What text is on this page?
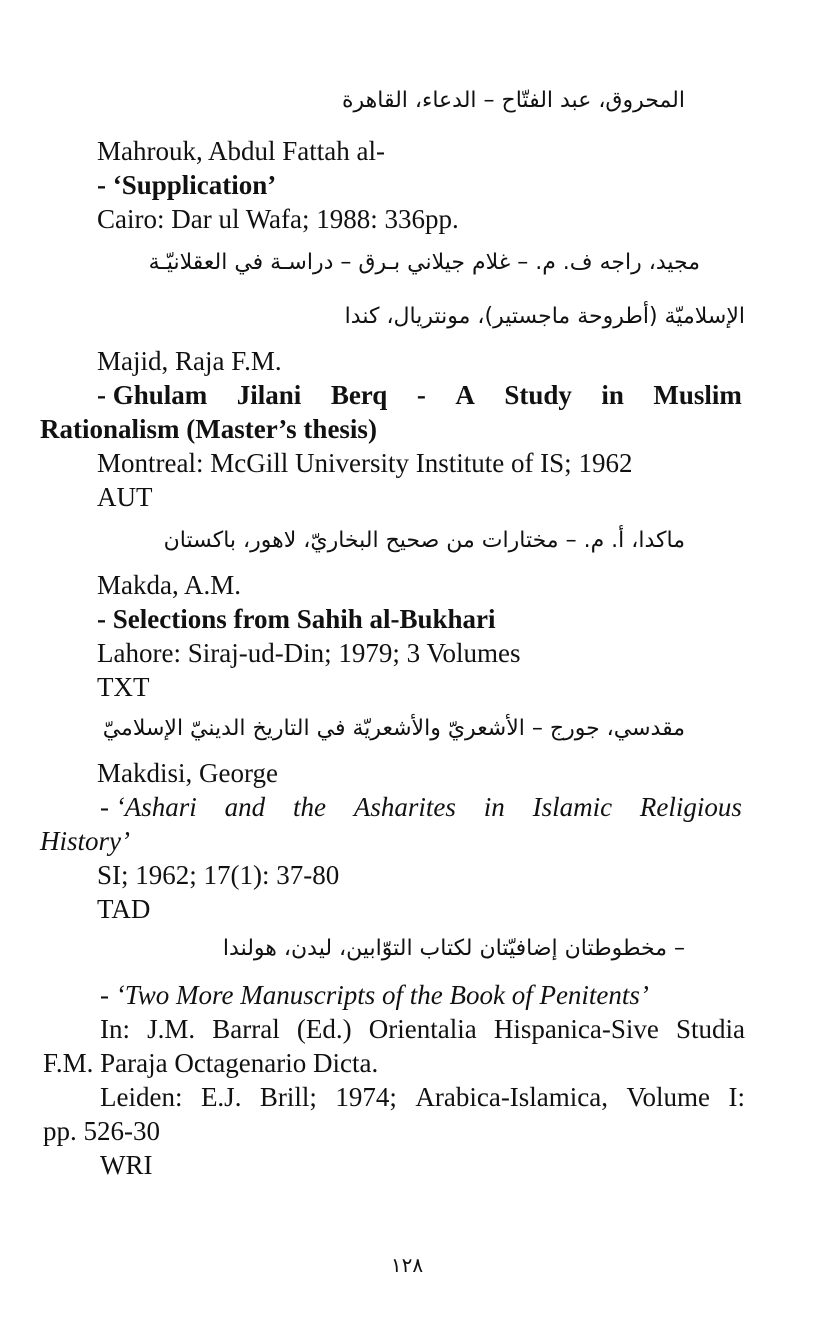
المحروق، عبد الفتّاح – الدعاء، القاهرة
Mahrouk, Abdul Fattah al-
- ‘Supplication’
Cairo: Dar ul Wafa; 1988: 336pp.
مجيد، راجه ف. م. – غلام جيلاني بـرق – دراسـة في العقلانيّـة
الإسلاميّة (أطروحة ماجستير)، مونتريال، كندا
Majid, Raja F.M.
- Ghulam Jilani Berq - A Study in Muslim
Rationalism (Master’s thesis)
Montreal: McGill University Institute of IS; 1962
AUT
ماكدا، أ. م. – مختارات من صحيح البخاريّ، لاهور، باكستان
Makda, A.M.
- Selections from Sahih al-Bukhari
Lahore: Siraj-ud-Din; 1979; 3 Volumes
TXT
مقدسي، جورج – الأشعريّ والأشعريّة في التاريخ الدينيّ الإسلاميّ
Makdisi, George
- ‘Ashari and the Asharites in Islamic Religious
History’
SI; 1962; 17(1): 37-80
TAD
– مخطوطتان إضافيّتان لكتاب التوّابين، ليدن، هولندا
- ‘Two More Manuscripts of the Book of Penitents’
In: J.M. Barral (Ed.) Orientalia Hispanica-Sive Studia
F.M. Paraja Octagenario Dicta.
Leiden: E.J. Brill; 1974; Arabica-Islamica, Volume I:
pp. 526-30
WRI
١٢٨
